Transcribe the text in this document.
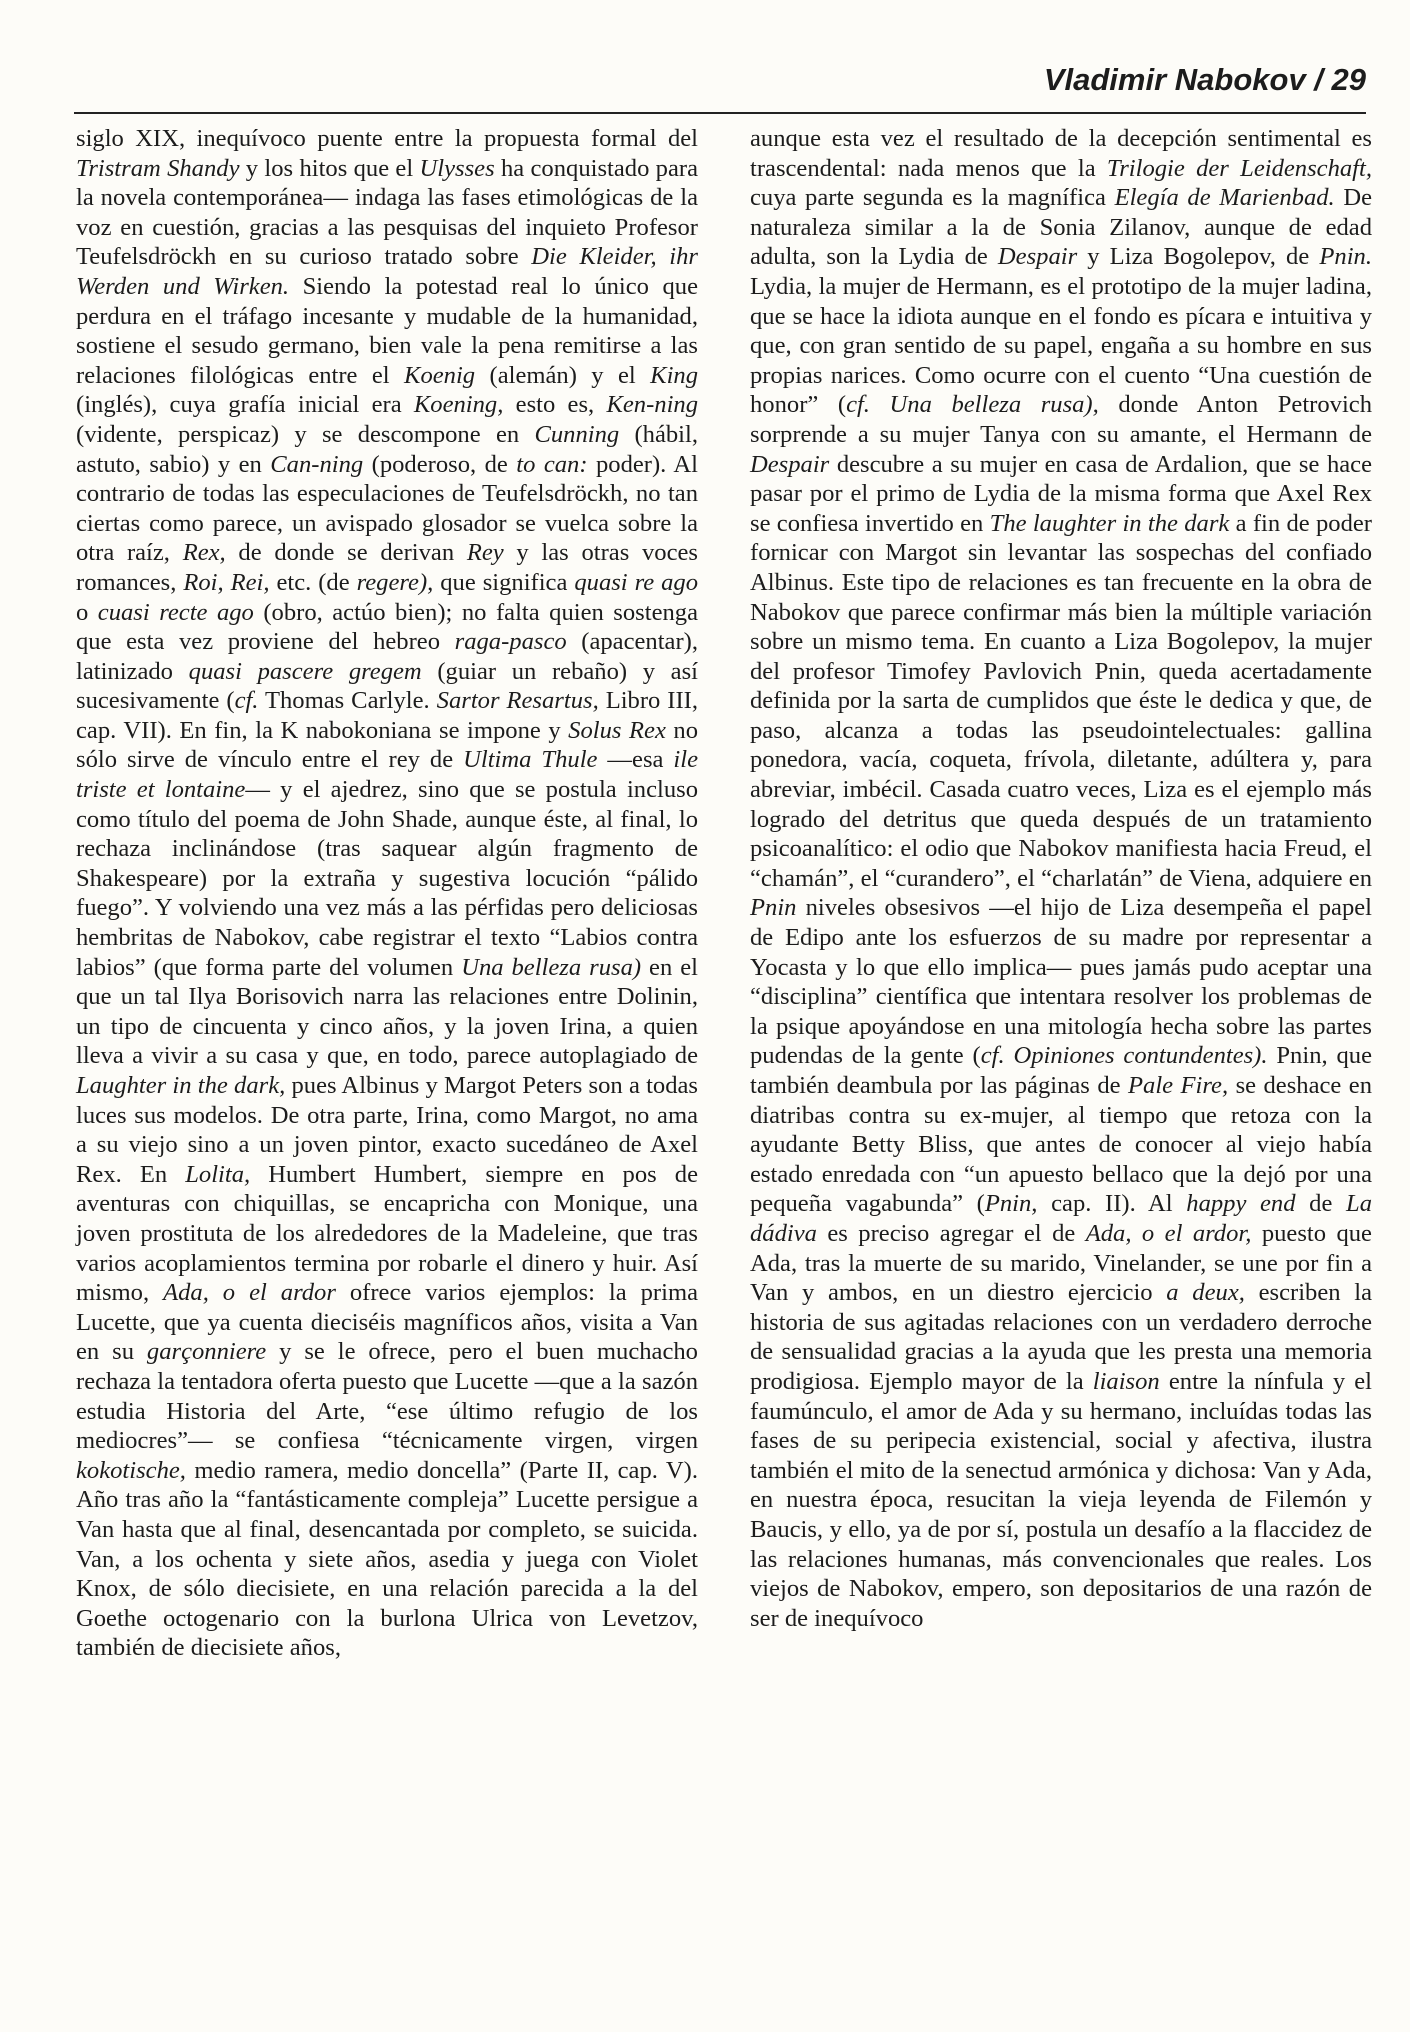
Vladimir Nabokov / 29

siglo XIX, inequívoco puente entre la propuesta formal del Tristram Shandy y los hitos que el Ulysses ha conquistado para la novela contemporánea— indaga las fases etimológicas de la voz en cuestión, gracias a las pesquisas del inquieto Profesor Teufelsdröckh en su curioso tratado sobre Die Kleider, ihr Werden und Wirken. Siendo la potestad real lo único que perdura en el tráfago incesante y mudable de la humanidad, sostiene el sesudo germano, bien vale la pena remitirse a las relaciones filológicas entre el Koenig (alemán) y el King (inglés), cuya grafía inicial era Koening, esto es, Ken-ning (vidente, perspicaz) y se descompone en Cunning (hábil, astuto, sabio) y en Can-ning (poderoso, de to can: poder). Al contrario de todas las especulaciones de Teufelsdröckh, no tan ciertas como parece, un avispado glosador se vuelca sobre la otra raíz, Rex, de donde se derivan Rey y las otras voces romances, Roi, Rei, etc. (de regere), que significa quasi re ago o cuasi recte ago (obro, actúo bien); no falta quien sostenga que esta vez proviene del hebreo raga-pasco (apacentar), latinizado quasi pascere gregem (guiar un rebaño) y así sucesivamente (cf. Thomas Carlyle. Sartor Resartus, Libro III, cap. VII). En fin, la K nabokoniana se impone y Solus Rex no sólo sirve de vínculo entre el rey de Ultima Thule —esa ile triste et lontaine— y el ajedrez, sino que se postula incluso como título del poema de John Shade, aunque éste, al final, lo rechaza inclinándose (tras saquear algún fragmento de Shakespeare) por la extraña y sugestiva locución “pálido fuego”. Y volviendo una vez más a las pérfidas pero deliciosas hembritas de Nabokov, cabe registrar el texto “Labios contra labios” (que forma parte del volumen Una belleza rusa) en el que un tal Ilya Borisovich narra las relaciones entre Dolinin, un tipo de cincuenta y cinco años, y la joven Irina, a quien lleva a vivir a su casa y que, en todo, parece autoplagiado de Laughter in the dark, pues Albinus y Margot Peters son a todas luces sus modelos. De otra parte, Irina, como Margot, no ama a su viejo sino a un joven pintor, exacto sucedáneo de Axel Rex. En Lolita, Humbert Humbert, siempre en pos de aventuras con chiquillas, se encapricha con Monique, una joven prostituta de los alrededores de la Madeleine, que tras varios acoplamientos termina por robarle el dinero y huir. Así mismo, Ada, o el ardor ofrece varios ejemplos: la prima Lucette, que ya cuenta dieciséis magníficos años, visita a Van en su garçonniere y se le ofrece, pero el buen muchacho rechaza la tentadora oferta puesto que Lucette —que a la sazón estudia Historia del Arte, “ese último refugio de los mediocres”— se confiesa “técnicamente virgen, virgen kokotische, medio ramera, medio doncella” (Parte II, cap. V). Año tras año la “fantásticamente compleja” Lucette persigue a Van hasta que al final, desencantada por completo, se suicida. Van, a los ochenta y siete años, asedia y juega con Violet Knox, de sólo diecisiete, en una relación parecida a la del Goethe octogenario con la burlona Ulrica von Levetzov, también de diecisiete años,

aunque esta vez el resultado de la decepción sentimental es trascendental: nada menos que la Trilogie der Leidenschaft, cuya parte segunda es la magnífica Elegía de Marienbad. De naturaleza similar a la de Sonia Zilanov, aunque de edad adulta, son la Lydia de Despair y Liza Bogolepov, de Pnin. Lydia, la mujer de Hermann, es el prototipo de la mujer ladina, que se hace la idiota aunque en el fondo es pícara e intuitiva y que, con gran sentido de su papel, engaña a su hombre en sus propias narices. Como ocurre con el cuento “Una cuestión de honor” (cf. Una belleza rusa), donde Anton Petrovich sorprende a su mujer Tanya con su amante, el Hermann de Despair descubre a su mujer en casa de Ardalion, que se hace pasar por el primo de Lydia de la misma forma que Axel Rex se confiesa invertido en The laughter in the dark a fin de poder fornicar con Margot sin levantar las sospechas del confiado Albinus. Este tipo de relaciones es tan frecuente en la obra de Nabokov que parece confirmar más bien la múltiple variación sobre un mismo tema. En cuanto a Liza Bogolepov, la mujer del profesor Timofey Pavlovich Pnin, queda acertadamente definida por la sarta de cumplidos que éste le dedica y que, de paso, alcanza a todas las pseudointelectuales: gallina ponedora, vacía, coqueta, frívola, diletante, adúltera y, para abreviar, imbécil. Casada cuatro veces, Liza es el ejemplo más logrado del detritus que queda después de un tratamiento psicoanalítico: el odio que Nabokov manifiesta hacia Freud, el “chamán”, el “curandero”, el “charlatán” de Viena, adquiere en Pnin niveles obsesivos —el hijo de Liza desempeña el papel de Edipo ante los esfuerzos de su madre por representar a Yocasta y lo que ello implica— pues jamás pudo aceptar una “disciplina” científica que intentara resolver los problemas de la psique apoyándose en una mitología hecha sobre las partes pudendas de la gente (cf. Opiniones contundentes). Pnin, que también deambula por las páginas de Pale Fire, se deshace en diatribas contra su ex-mujer, al tiempo que retoza con la ayudante Betty Bliss, que antes de conocer al viejo había estado enredada con “un apuesto bellaco que la dejó por una pequeña vagabunda” (Pnin, cap. II). Al happy end de La dádiva es preciso agregar el de Ada, o el ardor, puesto que Ada, tras la muerte de su marido, Vinelander, se une por fin a Van y ambos, en un diestro ejercicio a deux, escriben la historia de sus agitadas relaciones con un verdadero derroche de sensualidad gracias a la ayuda que les presta una memoria prodigiosa. Ejemplo mayor de la liaison entre la nínfula y el faumúnculo, el amor de Ada y su hermano, incluídas todas las fases de su peripecia existencial, social y afectiva, ilustra también el mito de la senectud armónica y dichosa: Van y Ada, en nuestra época, resucitan la vieja leyenda de Filemón y Baucis, y ello, ya de por sí, postula un desafío a la flaccidez de las relaciones humanas, más convencionales que reales. Los viejos de Nabokov, empero, son depositarios de una razón de ser de inequívoco
